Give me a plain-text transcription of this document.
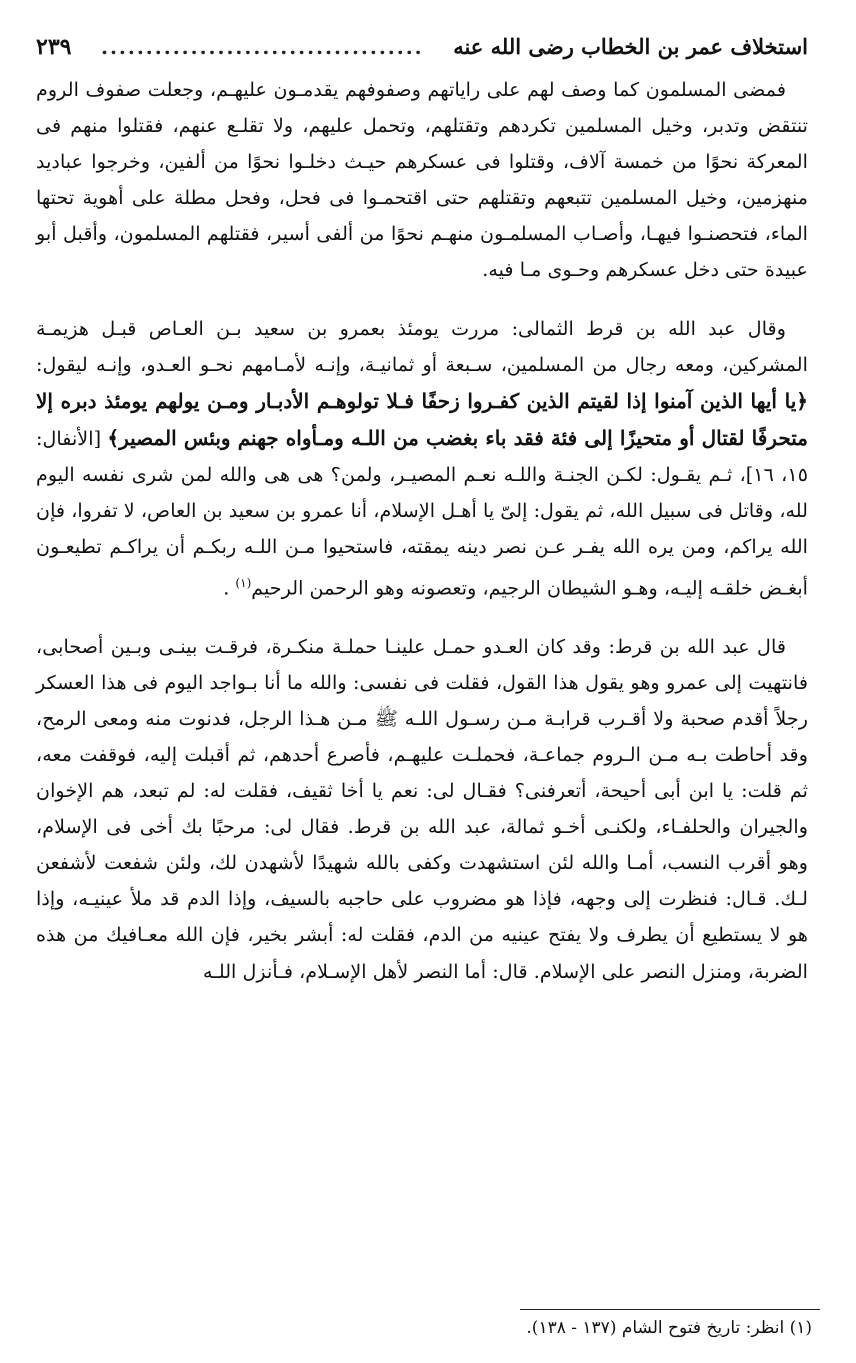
استخلاف عمر بن الخطاب رضى الله عنه
....................................
٢٣٩

فمضى المسلمون كما وصف لهم على راياتهم وصفوفهم يقدمـون عليهـم، وجعلت صفوف الروم تنتقض وتدبر، وخيل المسلمين تكردهم وتقتلهم، وتحمل عليهم، ولا تقلـع عنهم، فقتلوا منهم فى المعركة نحوًا من خمسة آلاف، وقتلوا فى عسكرهم حيـث دخلـوا نحوًا من ألفين، وخرجوا عباديد منهزمين، وخيل المسلمين تتبعهم وتقتلهم حتى اقتحمـوا فى فحل، وفحل مطلة على أهوية تحتها الماء، فتحصنـوا فيهـا، وأصـاب المسلمـون منهـم نحوًا من ألفى أسير، فقتلهم المسلمون، وأقبل أبو عبيدة حتى دخل عسكرهم وحـوى مـا فيه.

وقال عبد الله بن قرط الثمالى: مررت يومئذ بعمرو بن سعيد بـن العـاص قبـل هزيمـة المشركين، ومعه رجال من المسلمين، سـبعة أو ثمانيـة، وإنـه لأمـامهم نحـو العـدو، وإنـه ليقول: ﴿يا أيها الذين آمنوا إذا لقيتم الذين كفـروا زحفًا فـلا تولوهـم الأدبـار ومـن يولهم يومئذ دبره إلا متحرفًا لقتال أو متحيزًا إلى فئة فقد باء بغضب من اللـه ومـأواه جهنم وبئس المصير﴾ [الأنفال: ١٥، ١٦]، ثـم يقـول: لكـن الجنـة واللـه نعـم المصيـر، ولمن؟ هى هى والله لمن شرى نفسه اليوم لله، وقاتل فى سبيل الله، ثم يقول: إلىّ يا أهـل الإسلام، أنا عمرو بن سعيد بن العاص، لا تفروا، فإن الله يراكم، ومن يره الله يفـر عـن نصر دينه يمقته، فاستحيوا مـن اللـه ربكـم أن يراكـم تطيعـون أبغـض خلقـه إليـه، وهـو الشيطان الرجيم، وتعصونه وهو الرحمن الرحيم$^{(١)}$ .

قال عبد الله بن قرط: وقد كان العـدو حمـل علينـا حملـة منكـرة، فرقـت بينـى وبـين أصحابى، فانتهيت إلى عمرو وهو يقول هذا القول، فقلت فى نفسى: والله ما أنا بـواجد اليوم فى هذا العسكر رجلاً أقدم صحبة ولا أقـرب قرابـة مـن رسـول اللـه ﷺ مـن هـذا الرجل، فدنوت منه ومعى الرمح، وقد أحاطت بـه مـن الـروم جماعـة، فحملـت عليهـم، فأصرع أحدهم، ثم أقبلت إليه، فوقفت معه، ثم قلت: يا ابن أبى أحيحة، أتعرفنى؟ فقـال لى: نعم يا أخا ثقيف، فقلت له: لم تبعد، هم الإخوان والجيران والحلفـاء، ولكنـى أخـو ثمالة، عبد الله بن قرط. فقال لى: مرحبًا بك أخى فى الإسلام، وهو أقرب النسب، أمـا والله لئن استشهدت وكفى بالله شهيدًا لأشهدن لك، ولئن شفعت لأشفعن لـك. قـال: فنظرت إلى وجهه، فإذا هو مضروب على حاجبه بالسيف، وإذا الدم قد ملأ عينيـه، وإذا هو لا يستطيع أن يطرف ولا يفتح عينيه من الدم، فقلت له: أبشر بخير، فإن الله معـافيك من هذه الضربة، ومنزل النصر على الإسلام. قال: أما النصر لأهل الإسـلام، فـأنزل اللـه

(١) انظر: تاريخ فتوح الشام (١٣٧ - ١٣٨).
